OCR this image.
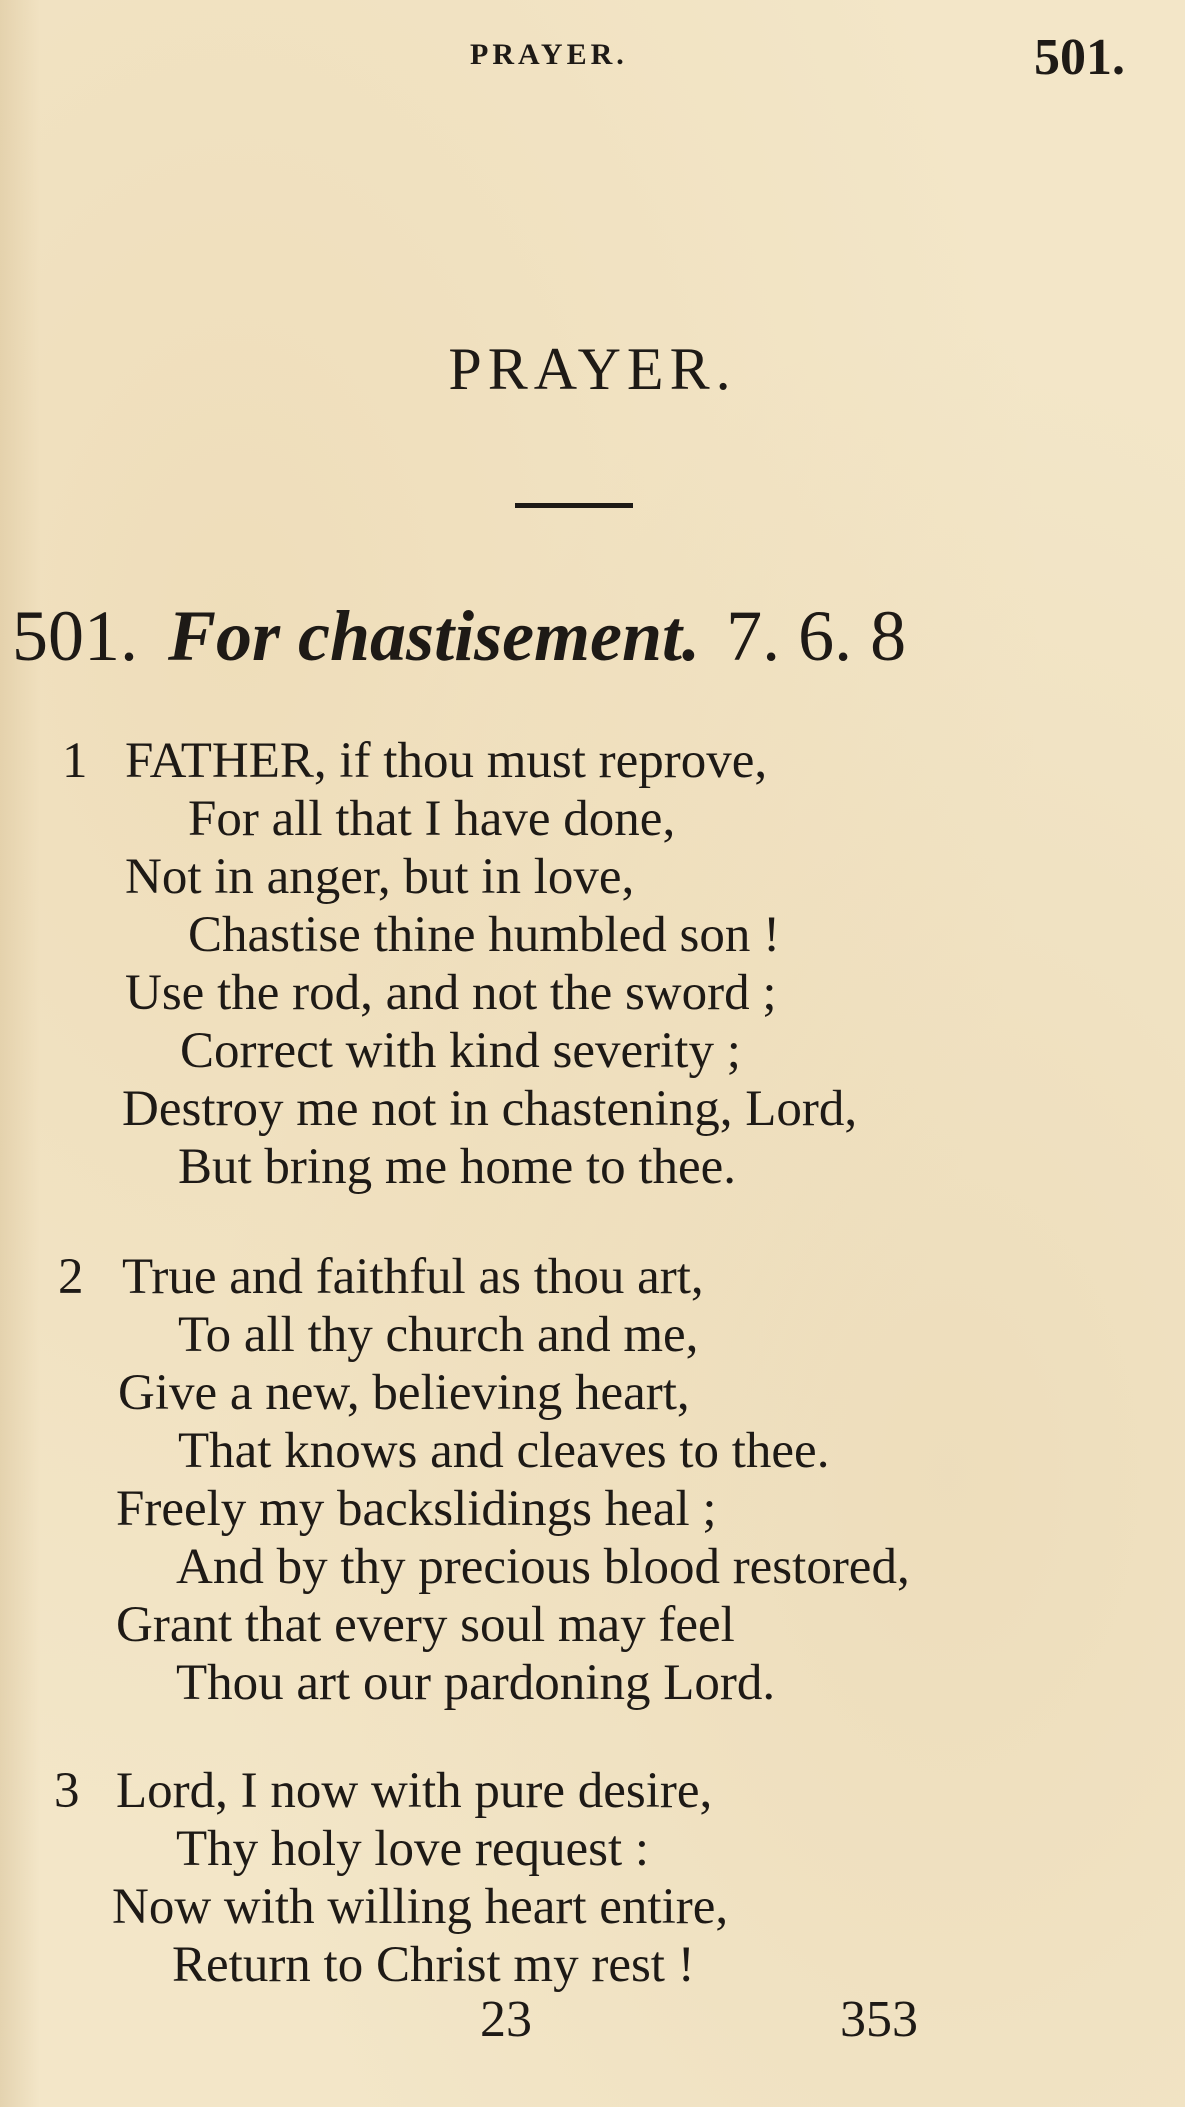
PRAYER.	501.
PRAYER.
501. For chastisement. 7. 6. 8
1 FATHER, if thou must reprove,
For all that I have done,
Not in anger, but in love,
Chastise thine humbled son !
Use the rod, and not the sword ;
Correct with kind severity ;
Destroy me not in chastening, Lord,
But bring me home to thee.
2 True and faithful as thou art,
To all thy church and me,
Give a new, believing heart,
That knows and cleaves to thee.
Freely my backslidings heal ;
And by thy precious blood restored,
Grant that every soul may feel
Thou art our pardoning Lord.
3 Lord, I now with pure desire,
Thy holy love request :
Now with willing heart entire,
Return to Christ my rest !
23	353
